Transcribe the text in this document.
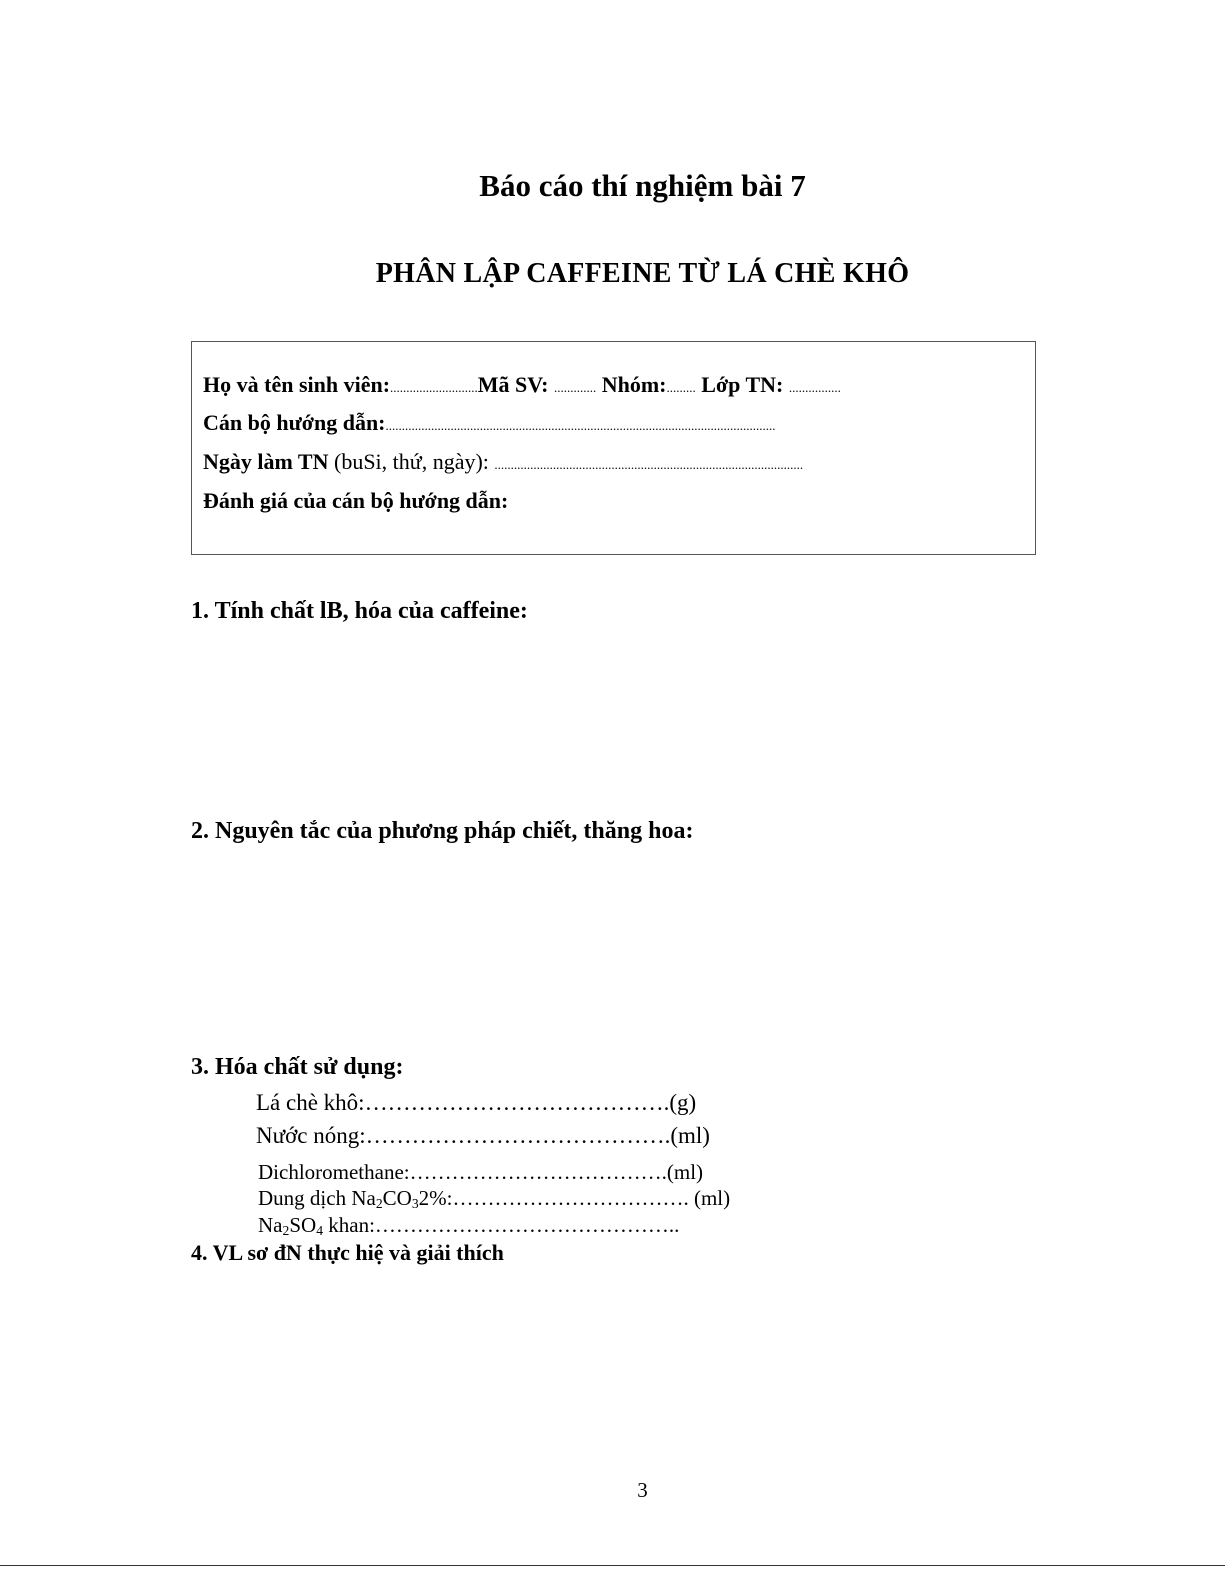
Báo cáo thí nghiệm bài 7
PHÂN LẬP CAFFEINE TỪ LÁ CHÈ KHÔ
Họ và tên sinh viên:...........................Mã SV: ............. Nhóm:......... Lớp TN: ................
Cán bộ hướng dẫn:........................................................................................................................
Ngày làm TN (buSi, thứ, ngày): ...............................................................................................
Đánh giá của cán bộ hướng dẫn:
1. Tính chất lB, hóa của caffeine:
2. Nguyên tắc của phương pháp chiết, thăng hoa:
3. Hóa chất sử dụng:
Lá chè khô:………………………………….(g)
Nước nóng:………………………………….(ml)
Dichloromethane:……………………………….(ml)
Dung dịch $Na_2CO_32\%:\dots\dots\dots\dots\dots\dots\dots\dots\dots\dots\dots$. (ml)
$Na_2SO_4$ khan:……………………………………..
4. VL sơ đN thực hiệ và giải thích
3
